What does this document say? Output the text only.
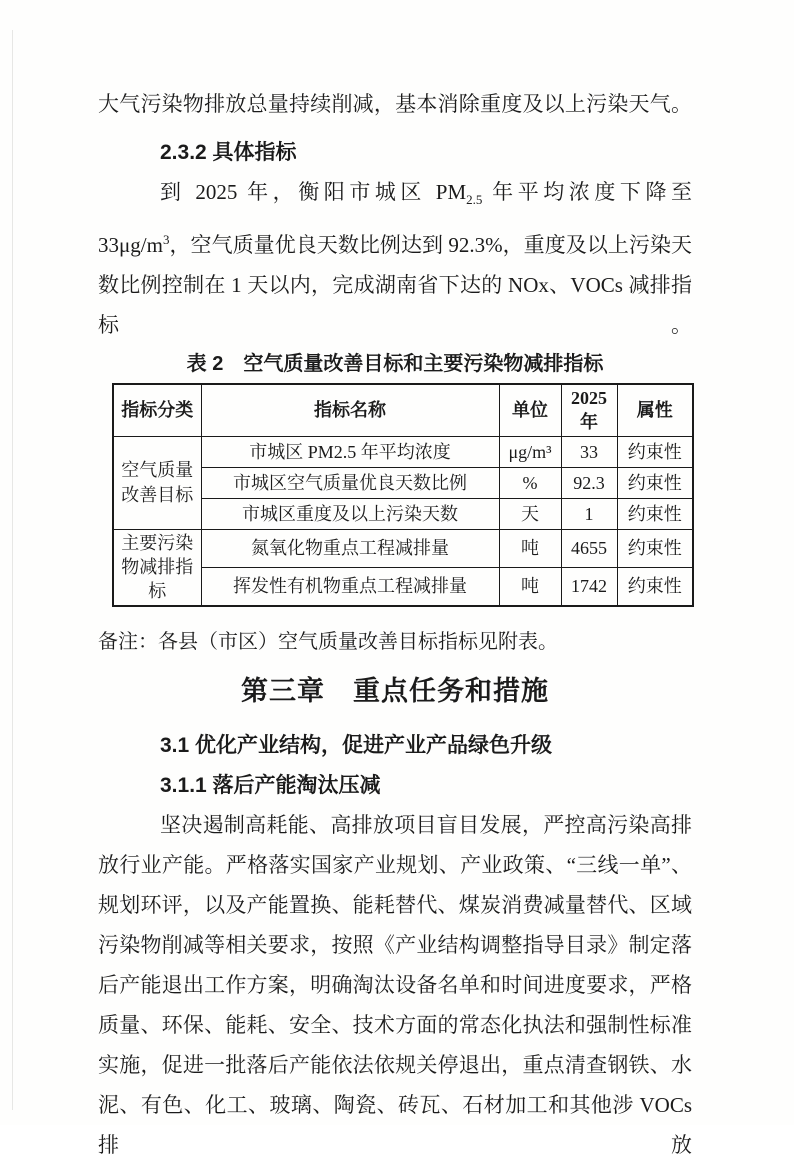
大气污染物排放总量持续削减，基本消除重度及以上污染天气。

2.3.2 具体指标

到 2025 年，衡阳市城区 $PM_{2.5}$ 年平均浓度下降至 $33\mu g/m^3$，空气质量优良天数比例达到 92.3%，重度及以上污染天数比例控制在 1 天以内，完成湖南省下达的 NOx、VOCs 减排指标。

表 2　空气质量改善目标和主要污染物减排指标
指标分类	指标名称	单位	2025 年	属性
空气质量改善目标	市城区 PM2.5 年平均浓度	μg/m³	33	约束性
	市城区空气质量优良天数比例	%	92.3	约束性
	市城区重度及以上污染天数	天	1	约束性
主要污染物减排指标	氮氧化物重点工程减排量	吨	4655	约束性
	挥发性有机物重点工程减排量	吨	1742	约束性

备注：各县（市区）空气质量改善目标指标见附表。

第三章　重点任务和措施
3.1 优化产业结构，促进产业产品绿色升级
3.1.1 落后产能淘汰压减

坚决遏制高耗能、高排放项目盲目发展，严控高污染高排放行业产能。严格落实国家产业规划、产业政策、“三线一单”、规划环评，以及产能置换、能耗替代、煤炭消费减量替代、区域污染物削减等相关要求，按照《产业结构调整指导目录》制定落后产能退出工作方案，明确淘汰设备名单和时间进度要求，严格质量、环保、能耗、安全、技术方面的常态化执法和强制性标准实施，促进一批落后产能依法依规关停退出，重点清查钢铁、水泥、有色、化工、玻璃、陶瓷、砖瓦、石材加工和其他涉 VOCs 排放
